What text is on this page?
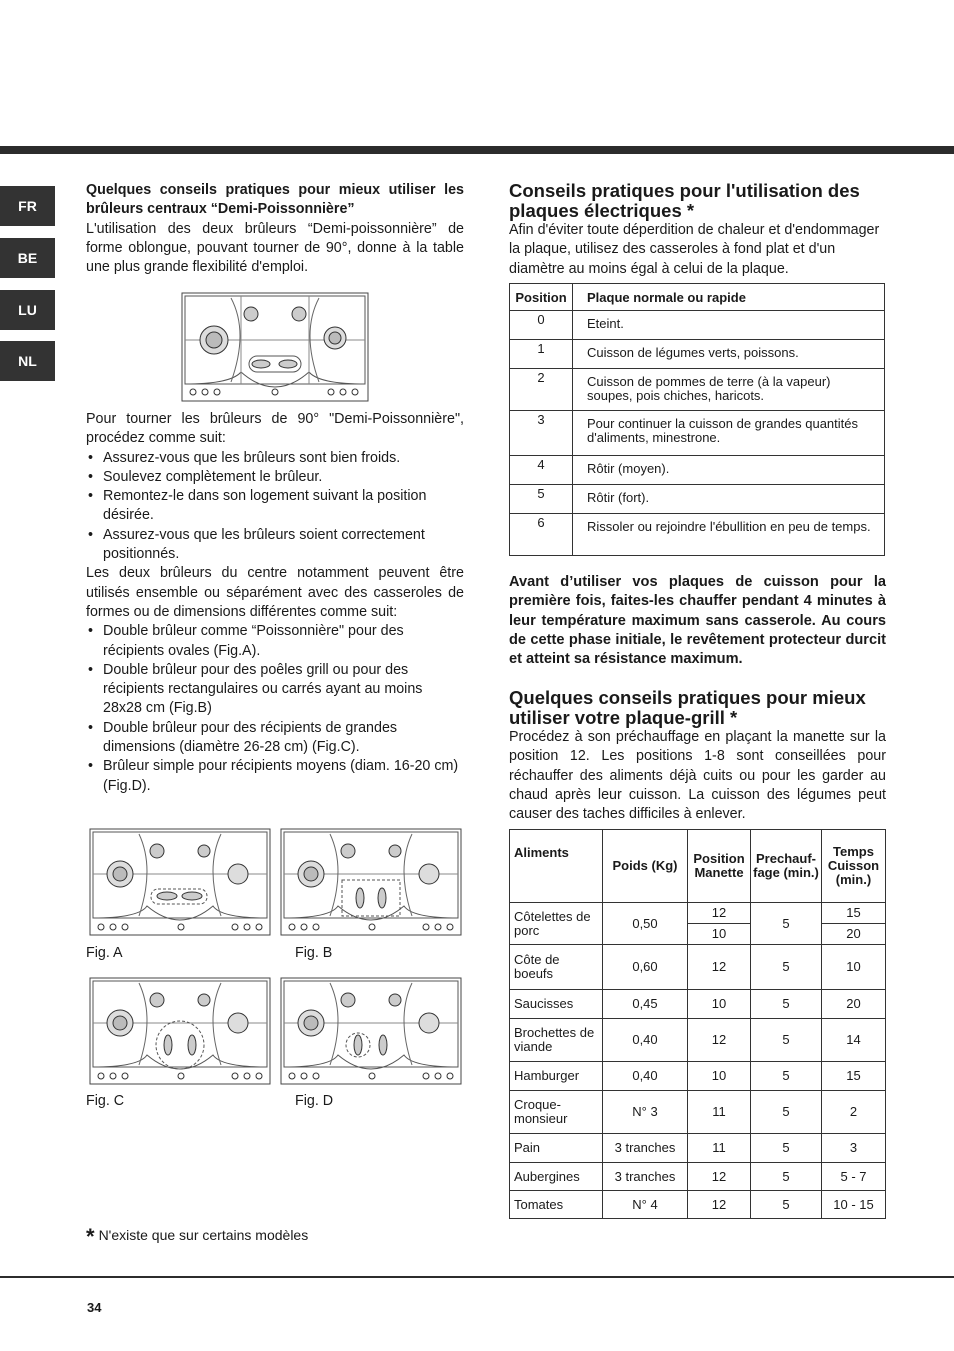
FR
BE
LU
NL

Quelques conseils pratiques pour mieux utiliser les brûleurs centraux “Demi-Poissonnière”

L'utilisation des deux brûleurs “Demi-poissonnière” de forme oblongue, pouvant tourner de 90°, donne à la table une plus grande flexibilité d'emploi.

Pour tourner les brûleurs de 90° "Demi-Poissonnière", procédez comme suit:

• Assurez-vous que les brûleurs sont bien froids.
• Soulevez complètement le brûleur.
• Remontez-le dans son logement suivant la position désirée.
• Assurez-vous que les brûleurs soient correctement positionnés.

Les deux brûleurs du centre notamment peuvent être utilisés ensemble ou séparément avec des casseroles de formes ou de dimensions différentes comme suit:

• Double brûleur comme “Poissonnière" pour des récipients ovales (Fig.A).
• Double brûleur pour des poêles grill ou pour des récipients rectangulaires ou carrés ayant au moins 28x28 cm (Fig.B)
• Double brûleur pour des récipients de grandes dimensions (diamètre 26-28 cm) (Fig.C).
• Brûleur simple pour récipients moyens (diam. 16-20 cm) (Fig.D).
Fig. A	Fig. B
Fig. C	Fig. D
* N'existe que sur certains modèles
Conseils pratiques pour l'utilisation des plaques électriques *
Afin d'éviter toute déperdition de chaleur et d'endommager la plaque, utilisez des casseroles à fond plat et d'un diamètre au moins égal à celui de la plaque.
Position	Plaque normale ou rapide
0	Eteint.
1	Cuisson de légumes verts, poissons.
2	Cuisson de pommes de terre (à la vapeur) soupes, pois chiches, haricots.
3	Pour continuer la cuisson de grandes quantités d'aliments, minestrone.
4	Rôtir (moyen).
5	Rôtir (fort).
6	Rissoler ou rejoindre l'ébullition en peu de temps.
Avant d’utiliser vos plaques de cuisson pour la première fois, faites-les chauffer pendant 4 minutes à leur température maximum sans casserole. Au cours de cette phase initiale, le revêtement protecteur durcit et atteint sa résistance maximum.
Quelques conseils pratiques pour mieux utiliser votre plaque-grill *
Procédez à son préchauffage en plaçant la manette sur la position 12. Les positions 1-8 sont conseillées pour réchauffer des aliments déjà cuits ou pour les garder au chaud après leur cuisson. La cuisson des légumes peut causer des taches difficiles à enlever.
Aliments	Poids (Kg)	Position Manette	Prechauf- fage (min.)	Temps Cuisson (min.)
Côtelettes de porc	0,50	12	5	15
		10		20
Côte de boeufs	0,60	12	5	10
Saucisses	0,45	10	5	20
Brochettes de viande	0,40	12	5	14
Hamburger	0,40	10	5	15
Croque- monsieur	N° 3	11	5	2
Pain	3 tranches	11	5	3
Aubergines	3 tranches	12	5	5 - 7
Tomates	N° 4	12	5	10 - 15
34
